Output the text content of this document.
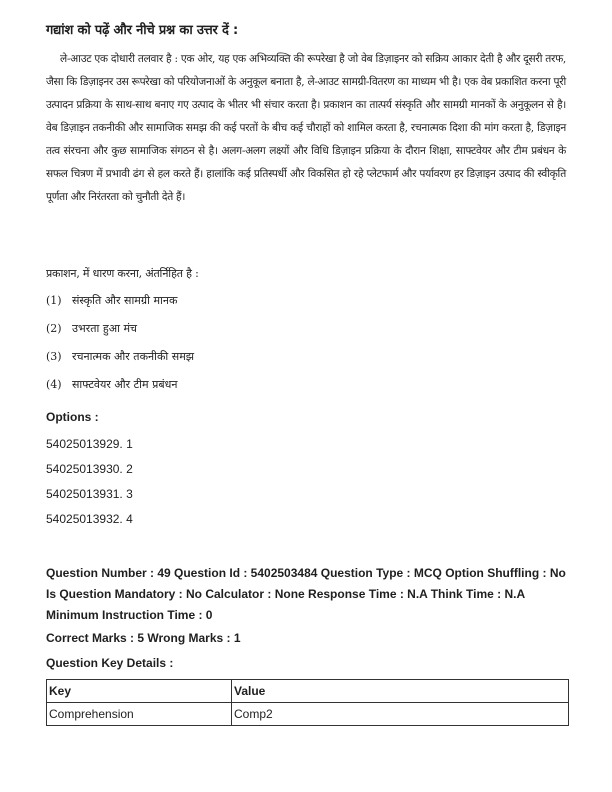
गद्यांश को पढ़ें और नीचे प्रश्न का उत्तर दें :
ले-आउट एक दोधारी तलवार है : एक ओर, यह एक अभिव्यक्ति की रूपरेखा है जो वेब डिज़ाइनर को सक्रिय आकार देती है और दूसरी तरफ, जैसा कि डिज़ाइनर उस रूपरेखा को परियोजनाओं के अनुकूल बनाता है, ले-आउट सामग्री-वितरण का माध्यम भी है। एक वेब प्रकाशित करना पूरी उत्पादन प्रक्रिया के साथ-साथ बनाए गए उत्पाद के भीतर भी संचार करता है। प्रकाशन का तात्पर्य संस्कृति और सामग्री मानकों के अनुकूलन से है। वेब डिज़ाइन तकनीकी और सामाजिक समझ की कई परतों के बीच कई चौराहों को शामिल करता है, रचनात्मक दिशा की मांग करता है, डिज़ाइन तत्व संरचना और कुछ सामाजिक संगठन से है। अलग-अलग लक्ष्यों और विधि डिज़ाइन प्रक्रिया के दौरान शिक्षा, साफ्टवेयर और टीम प्रबंधन के सफल चित्रण में प्रभावी ढंग से हल करते हैं। हालांकि कई प्रतिस्पर्धी और विकसित हो रहे प्लेटफार्म और पर्यावरण हर डिज़ाइन उत्पाद की स्वीकृति पूर्णता और निरंतरता को चुनौती देते हैं।
प्रकाशन, में धारण करना, अंतर्निहित है :
(1) संस्कृति और सामग्री मानक
(2) उभरता हुआ मंच
(3) रचनात्मक और तकनीकी समझ
(4) साफ्टवेयर और टीम प्रबंधन
Options :
54025013929. 1
54025013930. 2
54025013931. 3
54025013932. 4
Question Number : 49 Question Id : 5402503484 Question Type : MCQ Option Shuffling : No Is Question Mandatory : No Calculator : None Response Time : N.A Think Time : N.A Minimum Instruction Time : 0
Correct Marks : 5 Wrong Marks : 1
Question Key Details :
Key	Value
Comprehension	Comp2
